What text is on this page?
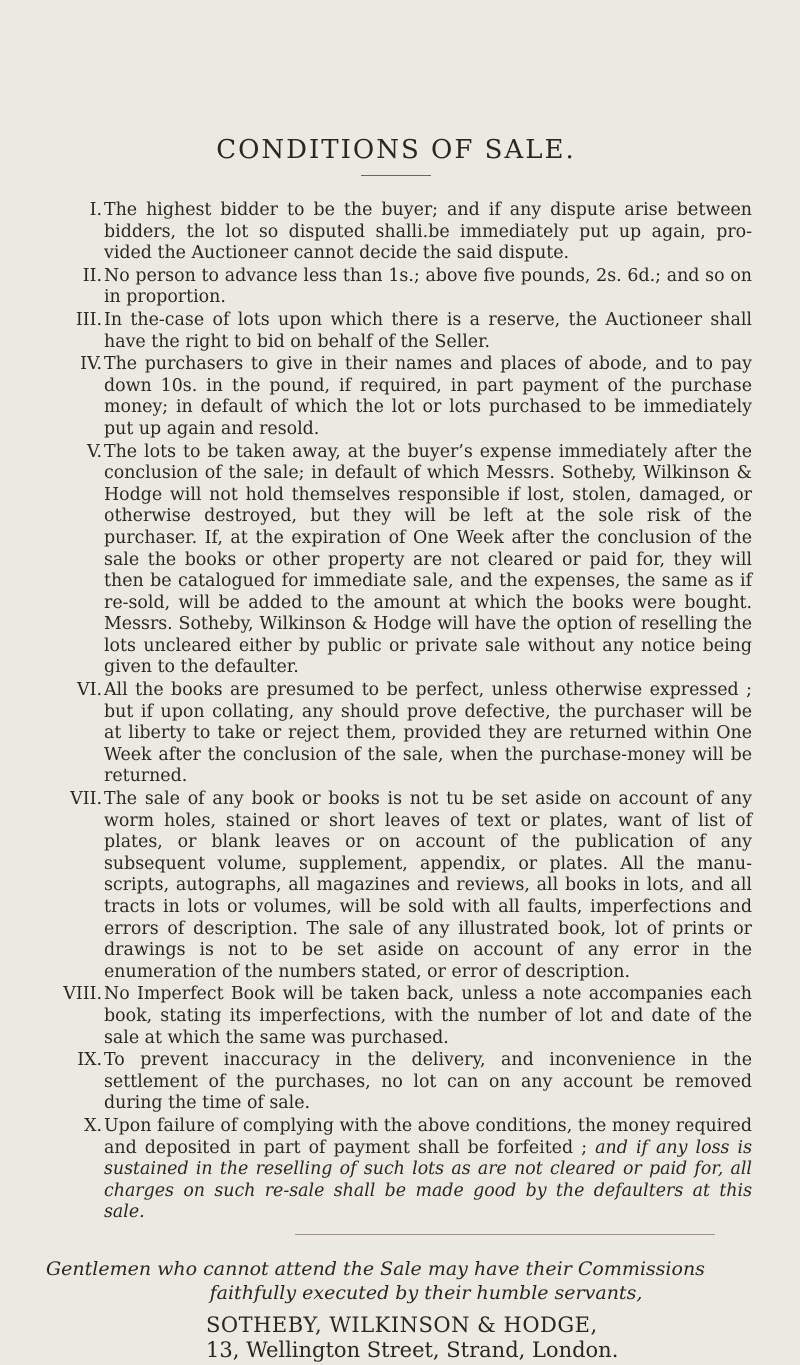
CONDITIONS OF SALE.
I. The highest bidder to be the buyer; and if any dispute arise between bidders, the lot so disputed shalli.be immediately put up again, pro- vided the Auctioneer cannot decide the said dispute.
II. No person to advance less than 1s.; above five pounds, 2s. 6d.; and so on in proportion.
III. In the-case of lots upon which there is a reserve, the Auctioneer shall have the right to bid on behalf of the Seller.
IV. The purchasers to give in their names and places of abode, and to pay down 10s. in the pound, if required, in part payment of the purchase money; in default of which the lot or lots purchased to be immediately put up again and resold.
V. The lots to be taken away, at the buyer’s expense immediately after the conclusion of the sale; in default of which Messrs. Sotheby, Wilkinson & Hodge will not hold themselves responsible if lost, stolen, damaged, or otherwise destroyed, but they will be left at the sole risk of the purchaser. If, at the expiration of One Week after the conclusion of the sale the books or other property are not cleared or paid for, they will then be catalogued for immediate sale, and the expenses, the same as if re-sold, will be added to the amount at which the books were bought. Messrs. Sotheby, Wilkinson & Hodge will have the option of reselling the lots uncleared either by public or private sale without any notice being given to the defaulter.
VI. All the books are presumed to be perfect, unless otherwise expressed ; but if upon collating, any should prove defective, the purchaser will be at liberty to take or reject them, provided they are returned within One Week after the conclusion of the sale, when the purchase-money will be returned.
VII. The sale of any book or books is not tu be set aside on account of any worm holes, stained or short leaves of text or plates, want of list of plates, or blank leaves or on account of the publication of any subsequent volume, supplement, appendix, or plates. All the manu- scripts, autographs, all magazines and reviews, all books in lots, and all tracts in lots or volumes, will be sold with all faults, imperfections and errors of description. The sale of any illustrated book, lot of prints or drawings is not to be set aside on account of any error in the enumeration of the numbers stated, or error of description.
VIII. No Imperfect Book will be taken back, unless a note accompanies each book, stating its imperfections, with the number of lot and date of the sale at which the same was purchased.
IX. To prevent inaccuracy in the delivery, and inconvenience in the settlement of the purchases, no lot can on any account be removed during the time of sale.
X. Upon failure of complying with the above conditions, the money required and deposited in part of payment shall be forfeited ; and if any loss is sustained in the reselling of such lots as are not cleared or paid for, all charges on such re-sale shall be made good by the defaulters at this sale.
Gentlemen who cannot attend the Sale may have their Commissions
faithfully executed by their humble servants,
SOTHEBY, WILKINSON & HODGE,
13, Wellington Street, Strand, London.
